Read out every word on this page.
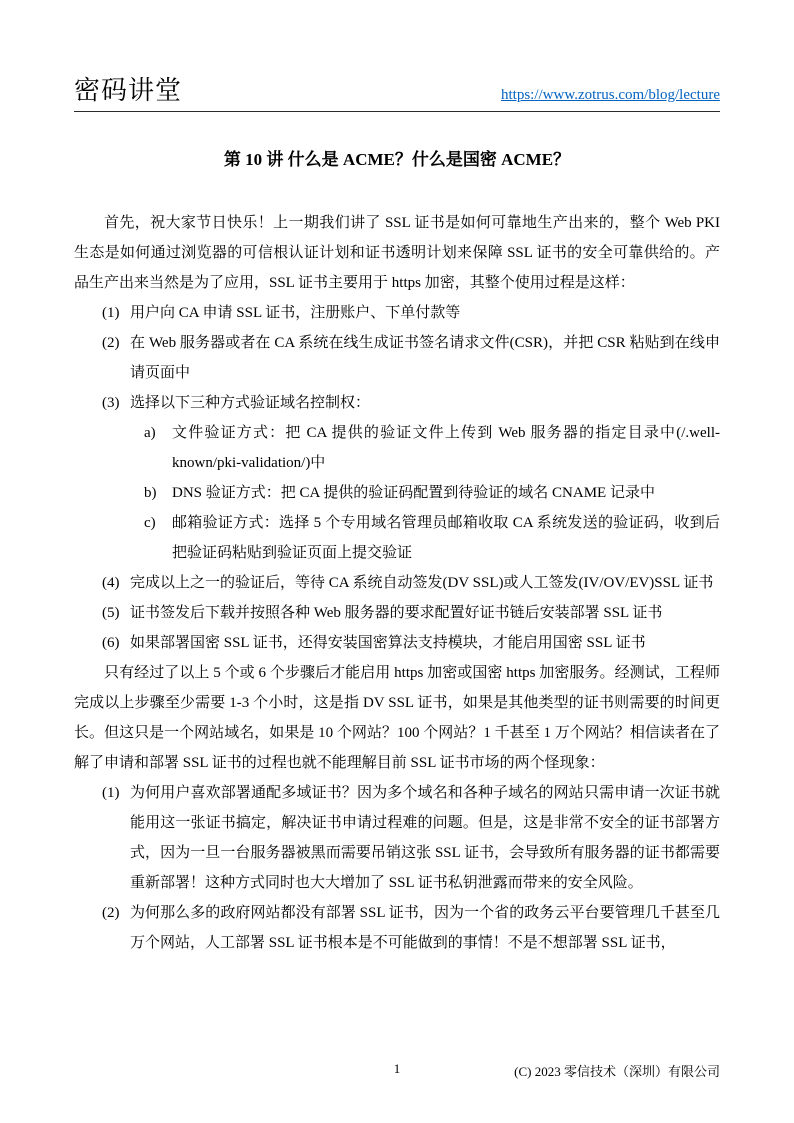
密码讲堂	https://www.zotrus.com/blog/lecture
第 10 讲 什么是 ACME？什么是国密 ACME？

首先，祝大家节日快乐！上一期我们讲了 SSL 证书是如何可靠地生产出来的，整个 Web PKI 生态是如何通过浏览器的可信根认证计划和证书透明计划来保障 SSL 证书的安全可靠供给的。产品生产出来当然是为了应用，SSL 证书主要用于 https 加密，其整个使用过程是这样：

(1) 用户向 CA 申请 SSL 证书，注册账户、下单付款等
(2) 在 Web 服务器或者在 CA 系统在线生成证书签名请求文件(CSR)，并把 CSR 粘贴到在线申请页面中
(3) 选择以下三种方式验证域名控制权：
a)	文件验证方式：把 CA 提供的验证文件上传到 Web 服务器的指定目录中(/.well-known/pki-validation/)中
b)	DNS 验证方式：把 CA 提供的验证码配置到待验证的域名 CNAME 记录中
c)	邮箱验证方式：选择 5 个专用域名管理员邮箱收取 CA 系统发送的验证码，收到后把验证码粘贴到验证页面上提交验证
(4) 完成以上之一的验证后，等待 CA 系统自动签发(DV SSL)或人工签发(IV/OV/EV)SSL 证书
(5) 证书签发后下载并按照各种 Web 服务器的要求配置好证书链后安装部署 SSL 证书
(6) 如果部署国密 SSL 证书，还得安装国密算法支持模块，才能启用国密 SSL 证书

只有经过了以上 5 个或 6 个步骤后才能启用 https 加密或国密 https 加密服务。经测试，工程师完成以上步骤至少需要 1-3 个小时，这是指 DV SSL 证书，如果是其他类型的证书则需要的时间更长。但这只是一个网站域名，如果是 10 个网站？100 个网站？1 千甚至 1 万个网站？相信读者在了解了申请和部署 SSL 证书的过程也就不能理解目前 SSL 证书市场的两个怪现象：

(1) 为何用户喜欢部署通配多域证书？因为多个域名和各种子域名的网站只需申请一次证书就能用这一张证书搞定，解决证书申请过程难的问题。但是，这是非常不安全的证书部署方式，因为一旦一台服务器被黑而需要吊销这张 SSL 证书，会导致所有服务器的证书都需要重新部署！这种方式同时也大大增加了 SSL 证书私钥泄露而带来的安全风险。
(2) 为何那么多的政府网站都没有部署 SSL 证书，因为一个省的政务云平台要管理几千甚至几万个网站，人工部署 SSL 证书根本是不可能做到的事情！不是不想部署 SSL 证书，
1	(C) 2023 零信技术（深圳）有限公司
